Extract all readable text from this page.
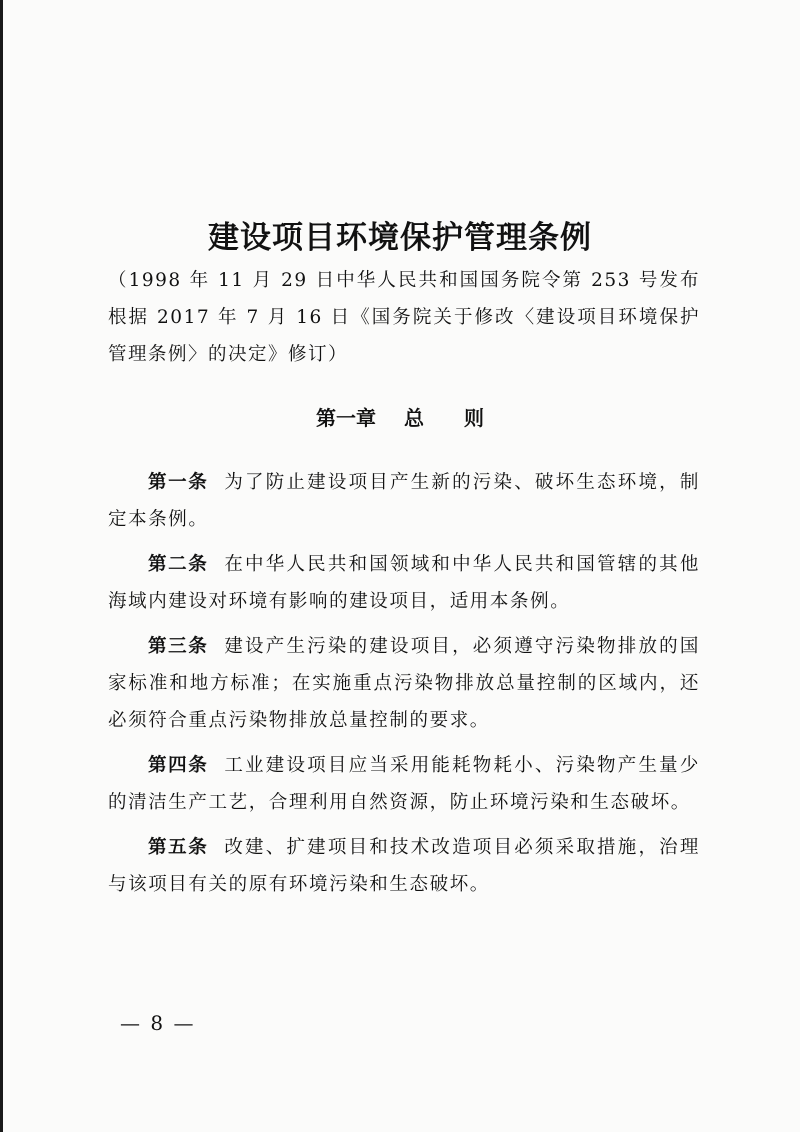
建设项目环境保护管理条例
（1998 年 11 月 29 日中华人民共和国国务院令第 253 号发布根据 2017 年 7 月 16 日《国务院关于修改〈建设项目环境保护管理条例〉的决定》修订）
第一章 总 则

第一条 为了防止建设项目产生新的污染、破坏生态环境，制定本条例。

第二条 在中华人民共和国领域和中华人民共和国管辖的其他海域内建设对环境有影响的建设项目，适用本条例。

第三条 建设产生污染的建设项目，必须遵守污染物排放的国家标准和地方标准；在实施重点污染物排放总量控制的区域内，还必须符合重点污染物排放总量控制的要求。

第四条 工业建设项目应当采用能耗物耗小、污染物产生量少的清洁生产工艺，合理利用自然资源，防止环境污染和生态破坏。

第五条 改建、扩建项目和技术改造项目必须采取措施，治理与该项目有关的原有环境污染和生态破坏。

— 8 —
